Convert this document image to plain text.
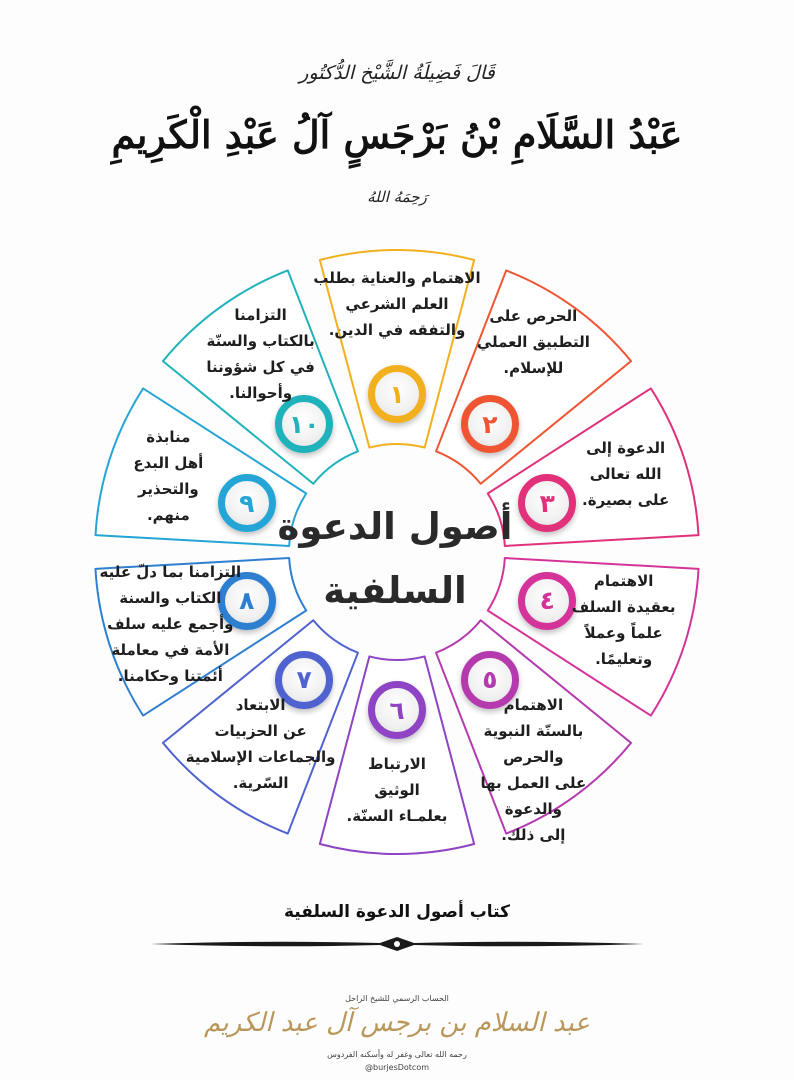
قَالَ فَضِيلَةُ الشَّيْخ الدُّكتُور
عَبْدُ السَّلَامِ بْنُ بَرْجَسٍ آلُ عَبْدِ الْكَرِيمِ
رَحِمَهُ اللهُ
أصول الدعوة
السلفية
١
الاهتمام والعناية بطلب
العلم الشرعي
والتفقه في الدين.
٢
الحرص على
التطبيق العملي
للإسلام.
٣
الدعوة إلى
الله تعالى
على بصيرة.
٤
الاهتمام
بعقيدة السلف
علماً وعملاً
وتعليمًا.
٥
الاهتمام
بالسنّة النبوية والحرص
على العمل بها والدعوة
إلى ذلك.
٦
الارتباط
الوثيق
بعلمـاء السنّة.
٧
الابتعاد
عن الحزبيات
والجماعات الإسلامية
السّرية.
٨
التزامنا بما دلّ عليه
الكتاب والسنة
وأجمع عليه سلف
الأمة في معاملة
أئمتنا وحكامنا.
٩
منابذة
أهل البدع
والتحذير
منهم.
١٠
التزامنا
بالكتاب والسنّة
في كل شؤوننا
وأحوالنا.
كتاب أصول الدعوة السلفية
الحساب الرسمي للشيخ الراحل
عبد السلام بن برجس آل عبد الكريم
رحمه الله تعالى وغفر له وأسكنه الفردوس
@burjesDotcom
